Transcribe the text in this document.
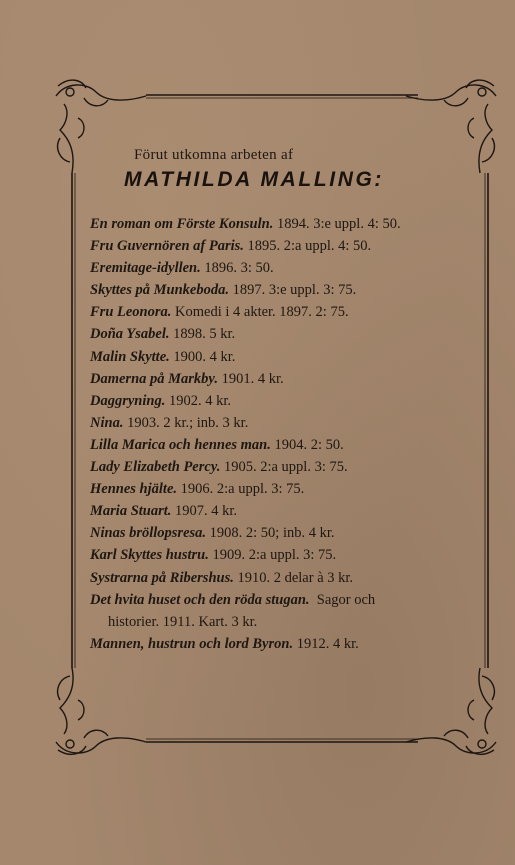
Förut utkomna arbeten af
MATHILDA MALLING:
En roman om Förste Konsuln. 1894. 3:e uppl. 4: 50.
Fru Guvernören af Paris. 1895. 2:a uppl. 4: 50.
Eremitage-idyllen. 1896. 3: 50.
Skyttes på Munkeboda. 1897. 3:e uppl. 3: 75.
Fru Leonora. Komedi i 4 akter. 1897. 2: 75.
Doña Ysabel. 1898. 5 kr.
Malin Skytte. 1900. 4 kr.
Damerna på Markby. 1901. 4 kr.
Daggryning. 1902. 4 kr.
Nina. 1903. 2 kr.; inb. 3 kr.
Lilla Marica och hennes man. 1904. 2: 50.
Lady Elizabeth Percy. 1905. 2:a uppl. 3: 75.
Hennes hjälte. 1906. 2:a uppl. 3: 75.
Maria Stuart. 1907. 4 kr.
Ninas bröllopsresa. 1908. 2: 50; inb. 4 kr.
Karl Skyttes hustru. 1909. 2:a uppl. 3: 75.
Systrarna på Ribershus. 1910. 2 delar à 3 kr.
Det hvita huset och den röda stugan. Sagor och
historier. 1911. Kart. 3 kr.
Mannen, hustrun och lord Byron. 1912. 4 kr.
